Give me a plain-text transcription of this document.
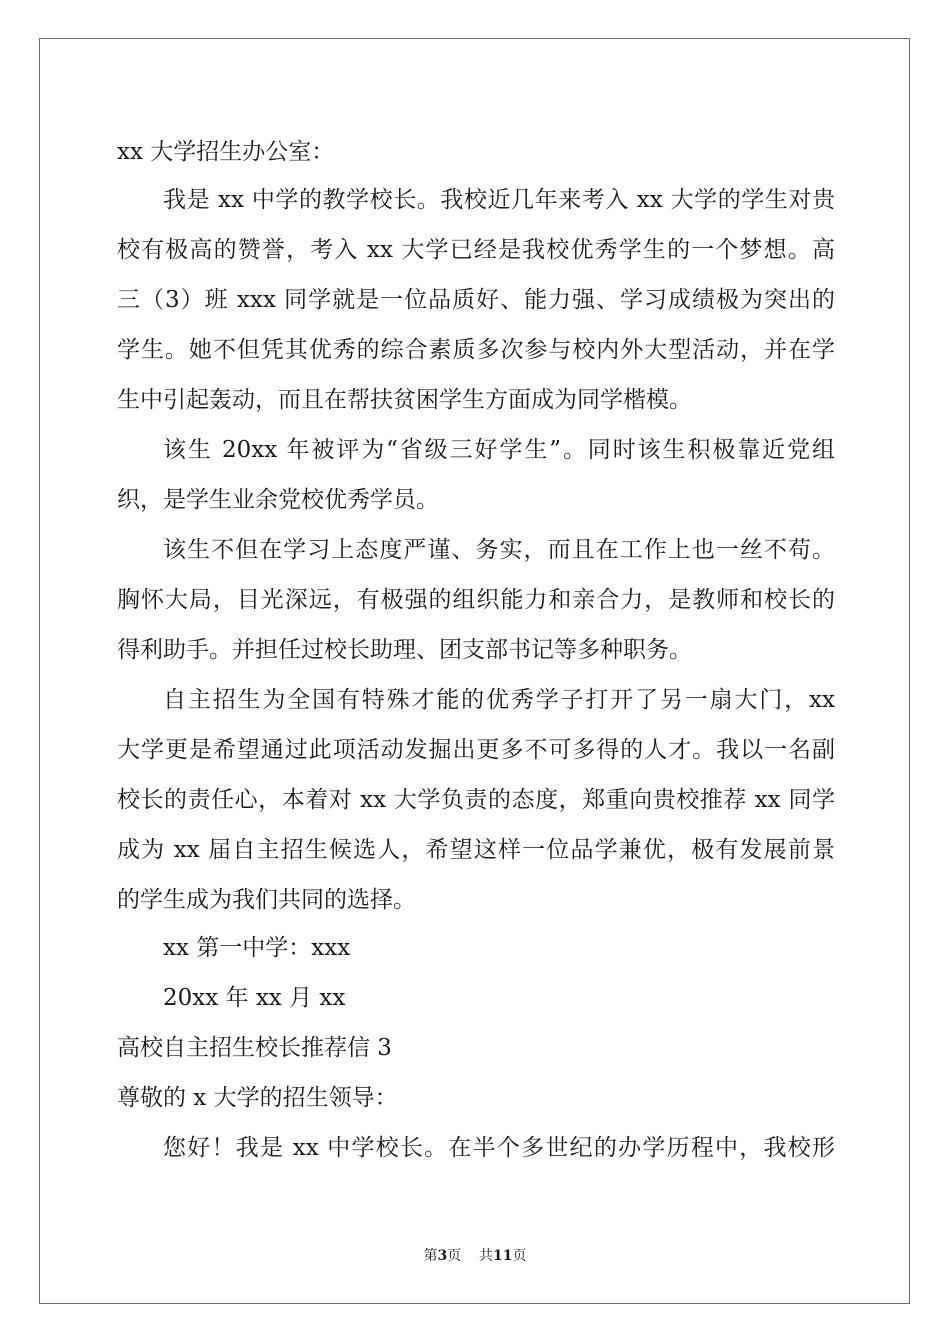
xx 大学招生办公室：
我是 xx 中学的教学校长。我校近几年来考入 xx 大学的学生对贵
校有极高的赞誉，考入 xx 大学已经是我校优秀学生的一个梦想。高
三（3）班 xxx 同学就是一位品质好、能力强、学习成绩极为突出的
学生。她不但凭其优秀的综合素质多次参与校内外大型活动，并在学
生中引起轰动，而且在帮扶贫困学生方面成为同学楷模。
该生 20xx 年被评为“省级三好学生”。同时该生积极靠近党组
织，是学生业余党校优秀学员。
该生不但在学习上态度严谨、务实，而且在工作上也一丝不苟。
胸怀大局，目光深远，有极强的组织能力和亲合力，是教师和校长的
得利助手。并担任过校长助理、团支部书记等多种职务。
自主招生为全国有特殊才能的优秀学子打开了另一扇大门，xx
大学更是希望通过此项活动发掘出更多不可多得的人才。我以一名副
校长的责任心，本着对 xx 大学负责的态度，郑重向贵校推荐 xx 同学
成为 xx 届自主招生候选人，希望这样一位品学兼优，极有发展前景
的学生成为我们共同的选择。
xx 第一中学：xxx
20xx 年 xx 月 xx
高校自主招生校长推荐信 3
尊敬的 x 大学的招生领导：
您好！我是 xx 中学校长。在半个多世纪的办学历程中，我校形
第3页 共11页
